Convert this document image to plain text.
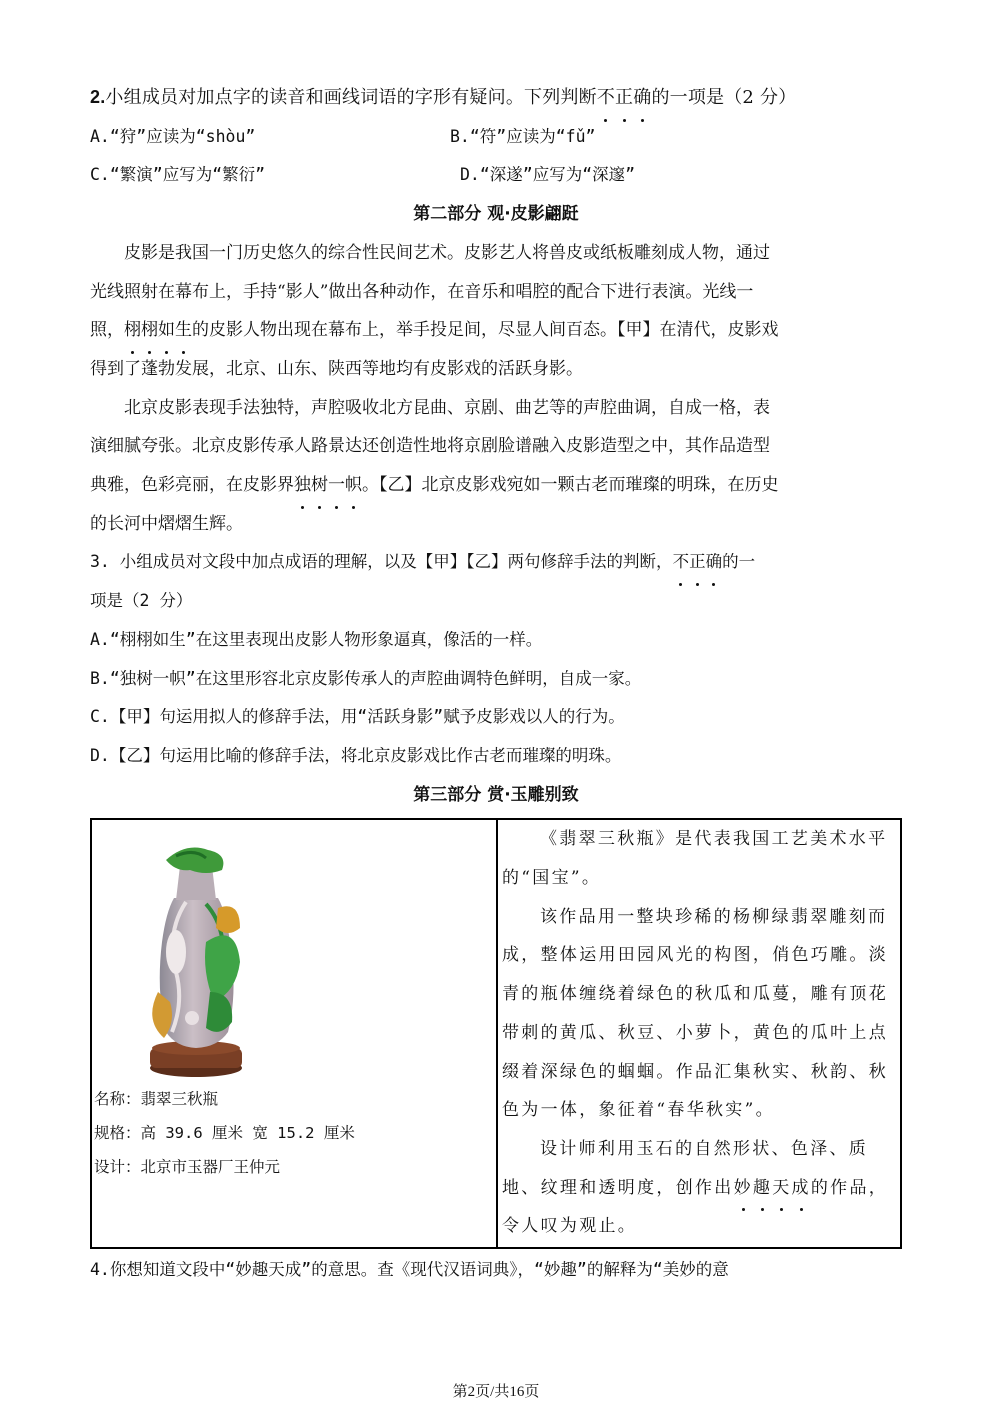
2.小组成员对加点字的读音和画线词语的字形有疑问。下列判断不正确的一项是（2 分）
A.“狩”应读为“shòu”	B.“符”应读为“fǔ”
C.“繁演”应写为“繁衍”	D.“深遂”应写为“深邃”
第二部分 观·皮影翩跹
皮影是我国一门历史悠久的综合性民间艺术。皮影艺人将兽皮或纸板雕刻成人物，通过
光线照射在幕布上，手持“影人”做出各种动作，在音乐和唱腔的配合下进行表演。光线一
照，栩栩如生的皮影人物出现在幕布上，举手投足间，尽显人间百态。【甲】在清代，皮影戏
得到了蓬勃发展，北京、山东、陕西等地均有皮影戏的活跃身影。
北京皮影表现手法独特，声腔吸收北方昆曲、京剧、曲艺等的声腔曲调，自成一格，表
演细腻夸张。北京皮影传承人路景达还创造性地将京剧脸谱融入皮影造型之中，其作品造型
典雅，色彩亮丽，在皮影界独树一帜。【乙】北京皮影戏宛如一颗古老而璀璨的明珠，在历史
的长河中熠熠生辉。
3. 小组成员对文段中加点成语的理解，以及【甲】【乙】两句修辞手法的判断，不正确的一
项是（2 分）
A.“栩栩如生”在这里表现出皮影人物形象逼真，像活的一样。
B.“独树一帜”在这里形容北京皮影传承人的声腔曲调特色鲜明，自成一家。
C.【甲】句运用拟人的修辞手法，用“活跃身影”赋予皮影戏以人的行为。
D.【乙】句运用比喻的修辞手法，将北京皮影戏比作古老而璀璨的明珠。
第三部分 赏·玉雕别致
名称：翡翠三秋瓶
规格：高 39.6 厘米 宽 15.2 厘米
设计：北京市玉器厂王仲元

《翡翠三秋瓶》是代表我国工艺美术水平
的“国宝”。
该作品用一整块珍稀的杨柳绿翡翠雕刻而
成，整体运用田园风光的构图，俏色巧雕。淡
青的瓶体缠绕着绿色的秋瓜和瓜蔓，雕有顶花
带刺的黄瓜、秋豆、小萝卜，黄色的瓜叶上点
缀着深绿色的蝈蝈。作品汇集秋实、秋韵、秋
色为一体，象征着“春华秋实”。
设计师利用玉石的自然形状、色泽、质
地、纹理和透明度，创作出妙趣天成的作品，
令人叹为观止。
4.你想知道文段中“妙趣天成”的意思。查《现代汉语词典》，“妙趣”的解释为“美妙的意
第2页/共16页
